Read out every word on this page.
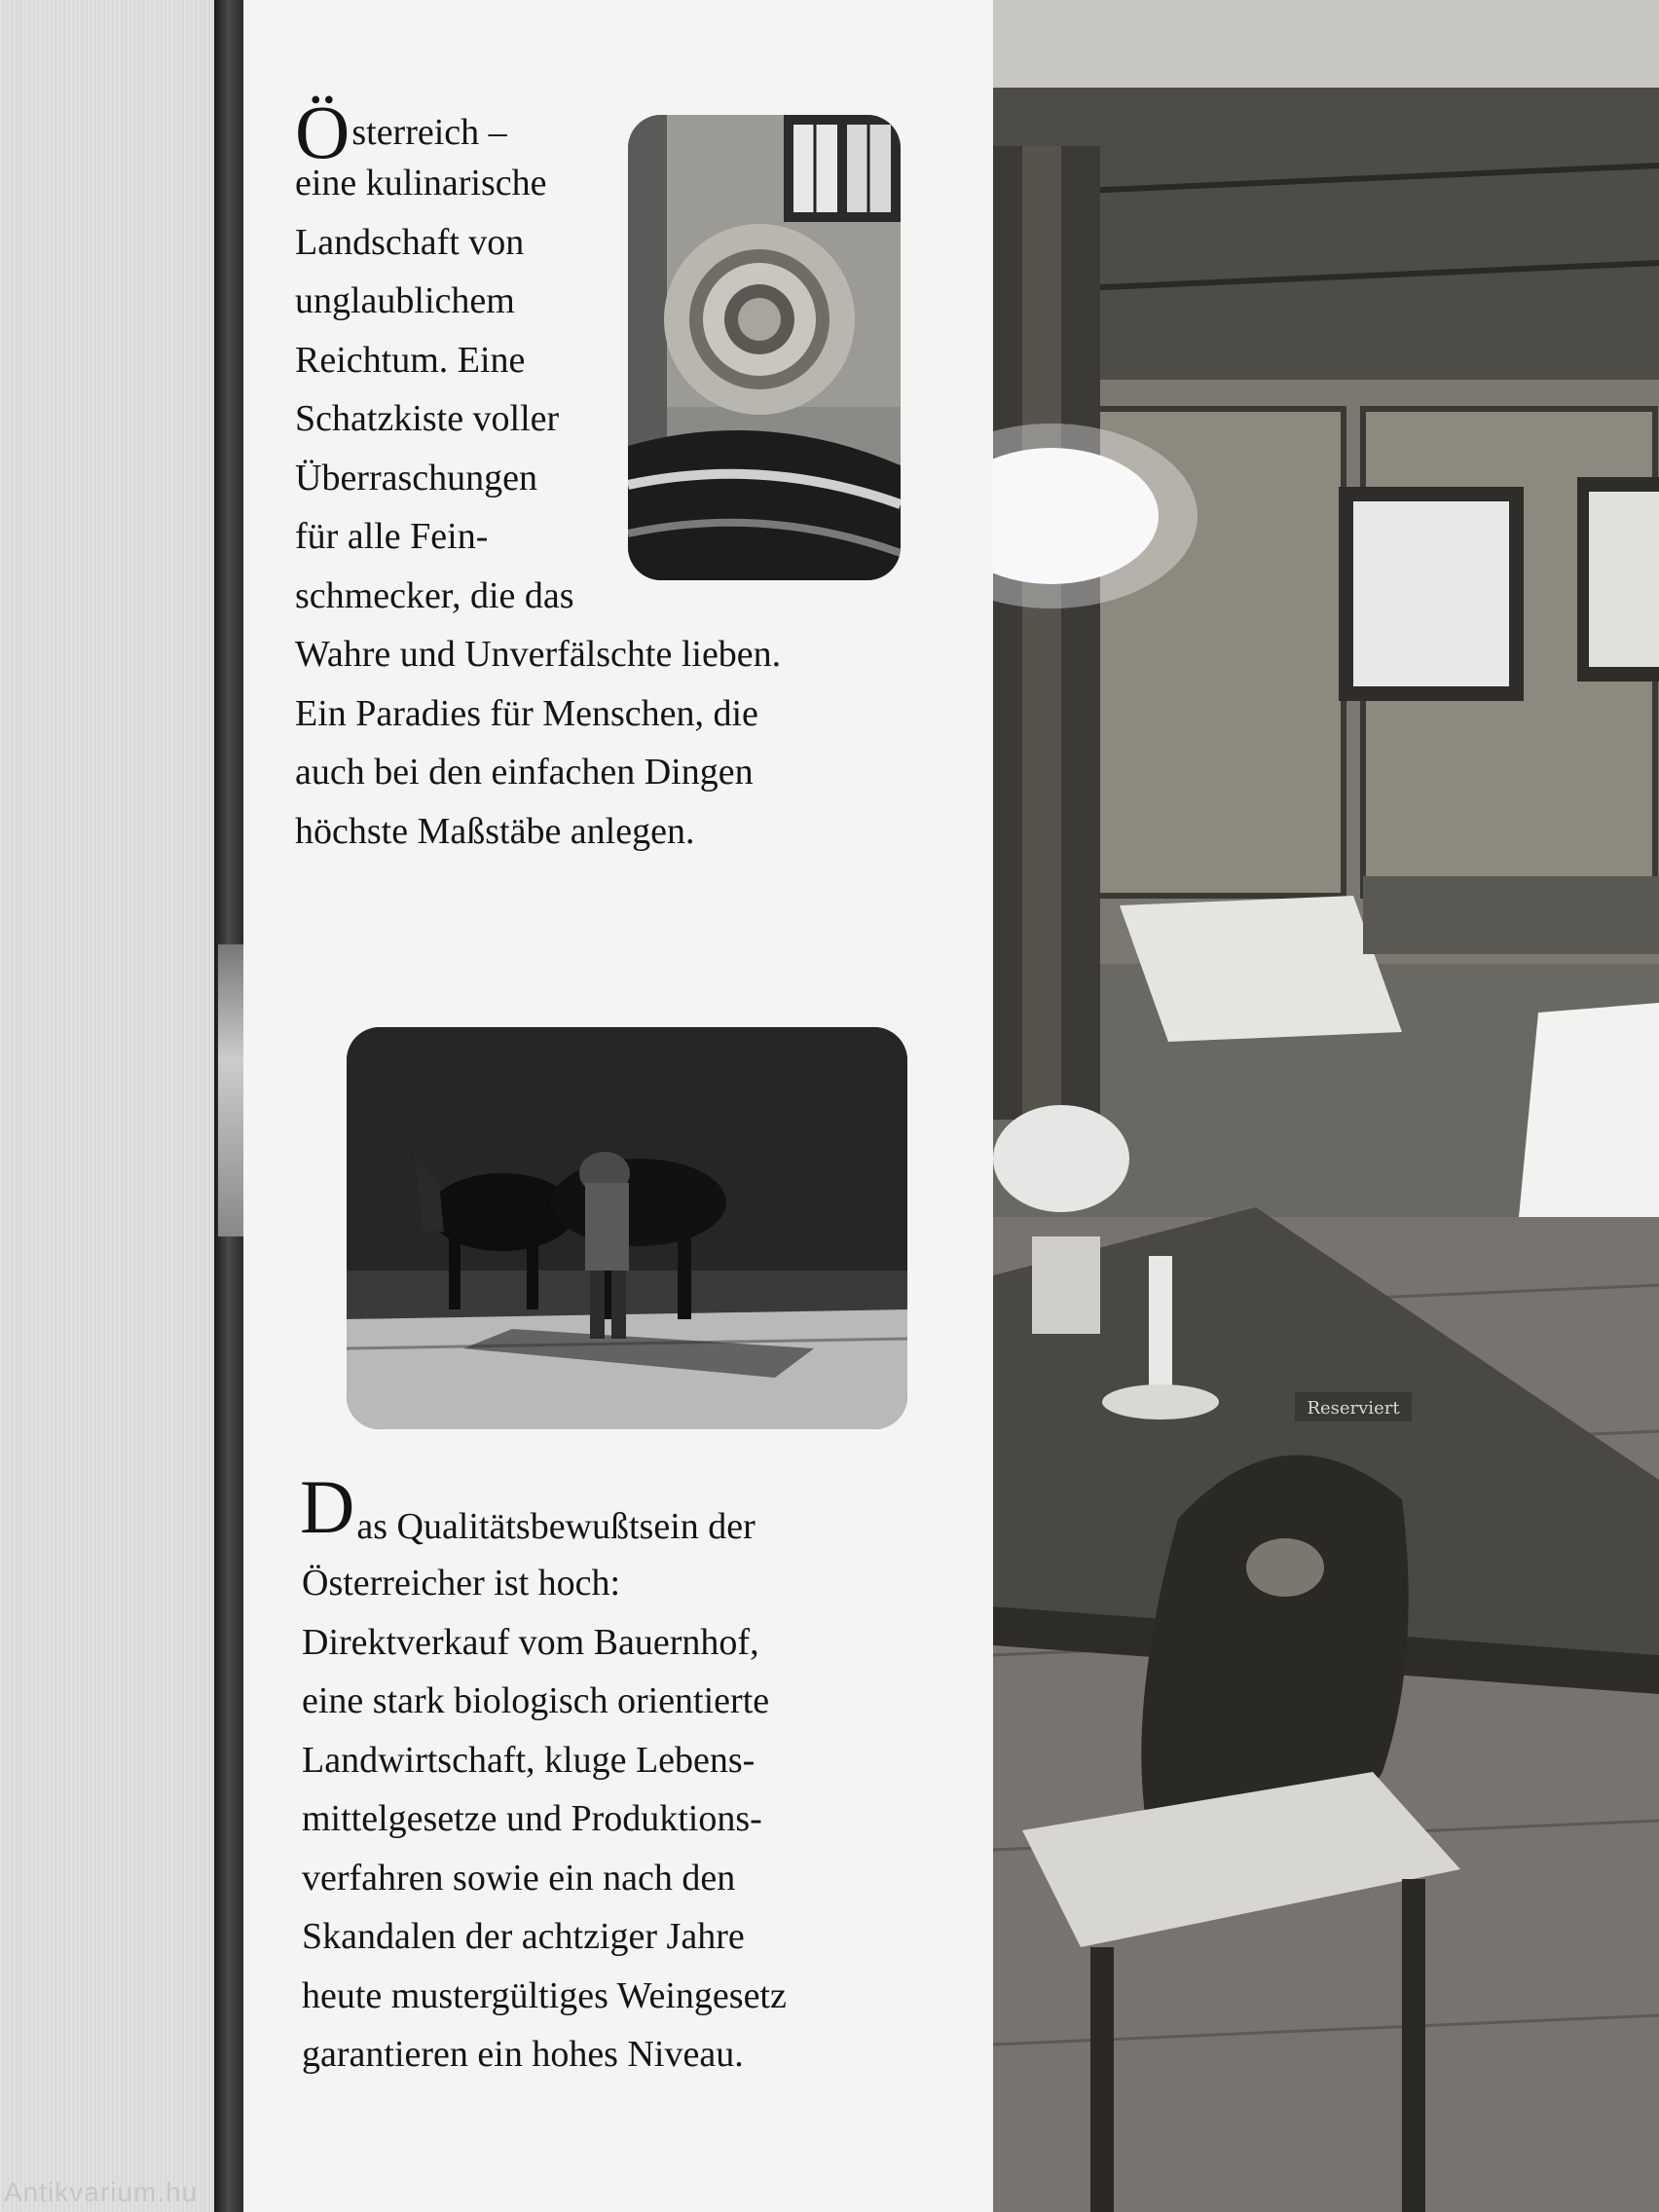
Ö sterreich –
eine kulinarische
Landschaft von
unglaublichem
Reichtum. Eine
Schatzkiste voller
Überraschungen
für alle Fein-
schmecker, die das
Wahre und Unverfälschte lieben.
Ein Paradies für Menschen, die
auch bei den einfachen Dingen
höchste Maßstäbe anlegen.
D as Qualitätsbewußtsein der
Österreicher ist hoch:
Direktverkauf vom Bauernhof,
eine stark biologisch orientierte
Landwirtschaft, kluge Lebens-
mittelgesetze und Produktions-
verfahren sowie ein nach den
Skandalen der achtziger Jahre
heute mustergültiges Weingesetz
garantieren ein hohes Niveau.
Reserviert
Antikvarium.hu
